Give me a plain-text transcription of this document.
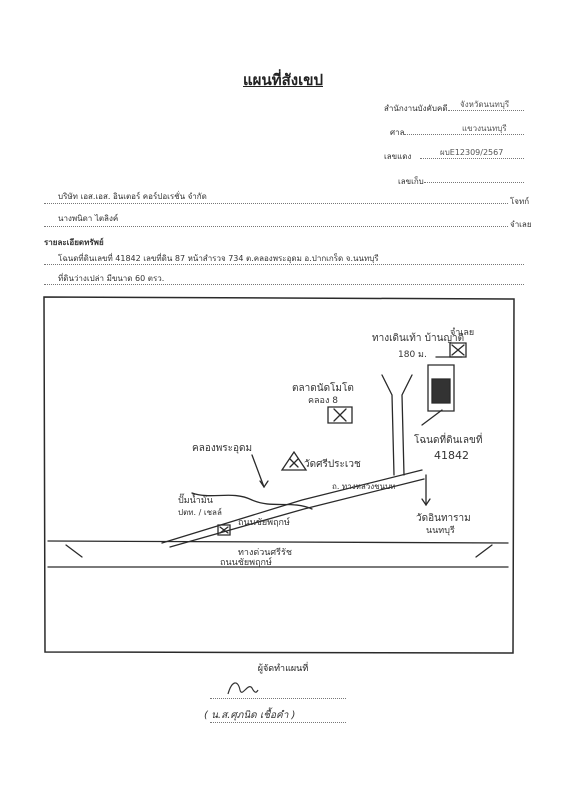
แผนที่สังเขป
สำนักงานบังคับคดี จังหวัดนนทบุรี
ศาล	แขวงนนทบุรี
เลขแดง	ผบE12309/2567
เลขเก็บ
บริษัท เอส.เอส. อินเตอร์ คอร์ปอเรชั่น จำกัด
โจทก์
นางพนิดา ไตลิงค์
จำเลย
รายละเอียดทรัพย์
โฉนดที่ดินเลขที่ 41842 เลขที่ดิน 87 หน้าสำรวจ 734 ต.คลองพระอุดม อ.ปากเกร็ด จ.นนทบุรี
ที่ดินว่างเปล่า มีขนาด 60 ตรว.
ทางเดินเท้า บ้านญาติ
จำเลย
180 ม.
ตลาดนัดโมโต
คลอง 8
โฉนดที่ดินเลขที่
41842
คลองพระอุดม
วัดศรีประเวช
ถ. ทางหลวงชนบท
วัดอินทาราม
นนทบุรี
ปั๊มน้ำมัน
ปตท. / เชลล์
ถนนชัยพฤกษ์
ทางด่วนศรีรัช
ถนนชัยพฤกษ์
ผู้จัดทำแผนที่
( น.ส.ศุภนิด เชื้อคำ )
